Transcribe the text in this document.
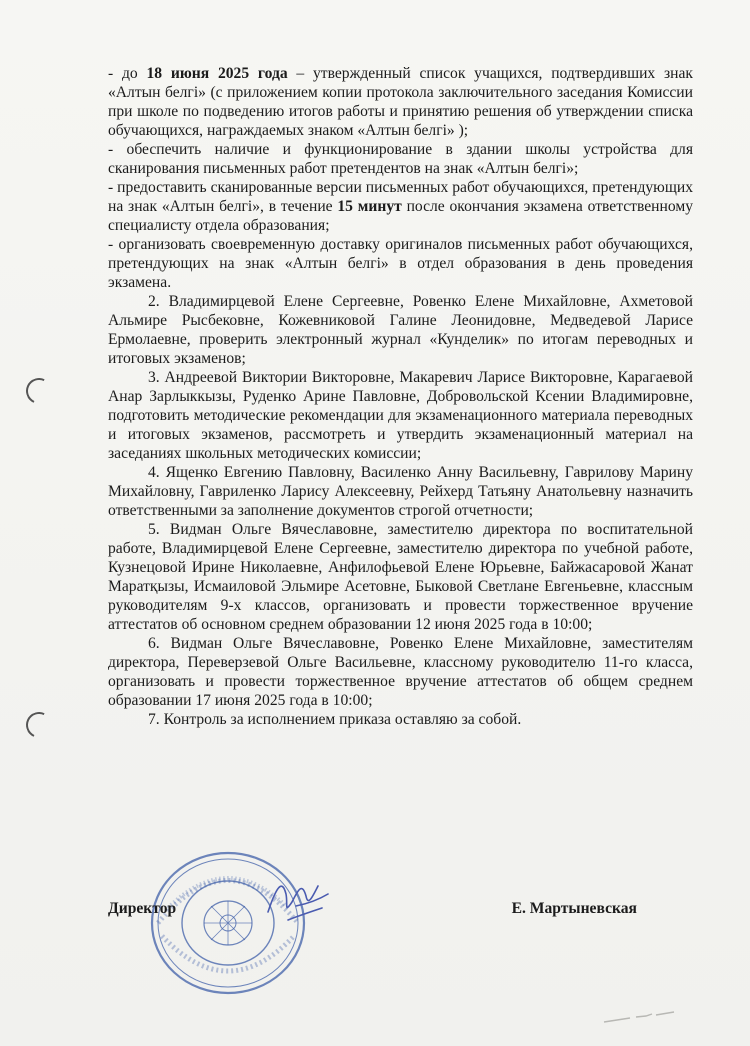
- до 18 июня 2025 года – утвержденный список учащихся, подтвердивших знак «Алтын белгі» (с приложением копии протокола заключительного заседания Комиссии при школе по подведению итогов работы и принятию решения об утверждении списка обучающихся, награждаемых знаком «Алтын белгі» );

- обеспечить наличие и функционирование в здании школы устройства для сканирования письменных работ претендентов на знак «Алтын белгі»;

- предоставить сканированные версии письменных работ обучающихся, претендующих на знак «Алтын белгі», в течение 15 минут после окончания экзамена ответственному специалисту отдела образования;

- организовать своевременную доставку оригиналов письменных работ обучающихся, претендующих на знак «Алтын белгі» в отдел образования в день проведения экзамена.

2. Владимирцевой Елене Сергеевне, Ровенко Елене Михайловне, Ахметовой Альмире Рысбековне, Кожевниковой Галине Леонидовне, Медведевой Ларисе Ермолаевне, проверить электронный журнал «Кунделик» по итогам переводных и итоговых экзаменов;

3. Андреевой Виктории Викторовне, Макаревич Ларисе Викторовне, Карагаевой Анар Зарлыккызы, Руденко Арине Павловне, Добровольской Ксении Владимировне, подготовить методические рекомендации для экзаменационного материала переводных и итоговых экзаменов, рассмотреть и утвердить экзаменационный материал на заседаниях школьных методических комиссии;

4. Ященко Евгению Павловну, Василенко Анну Васильевну, Гаврилову Марину Михайловну, Гавриленко Ларису Алексеевну, Рейхерд Татьяну Анатольевну назначить ответственными за заполнение документов строгой отчетности;

5. Видман Ольге Вячеславовне, заместителю директора по воспитательной работе, Владимирцевой Елене Сергеевне, заместителю директора по учебной работе, Кузнецовой Ирине Николаевне, Анфилофьевой Елене Юрьевне, Байжасаровой Жанат Маратқызы, Исмаиловой Эльмире Асетовне, Быковой Светлане Евгеньевне, классным руководителям 9-х классов, организовать и провести торжественное вручение аттестатов об основном среднем образовании 12 июня 2025 года в 10:00;

6. Видман Ольге Вячеславовне, Ровенко Елене Михайловне, заместителям директора, Переверзевой Ольге Васильевне, классному руководителю 11-го класса, организовать и провести торжественное вручение аттестатов об общем среднем образовании 17 июня 2025 года в 10:00;

7. Контроль за исполнением приказа оставляю за собой.

Директор	Е. Мартыневская
